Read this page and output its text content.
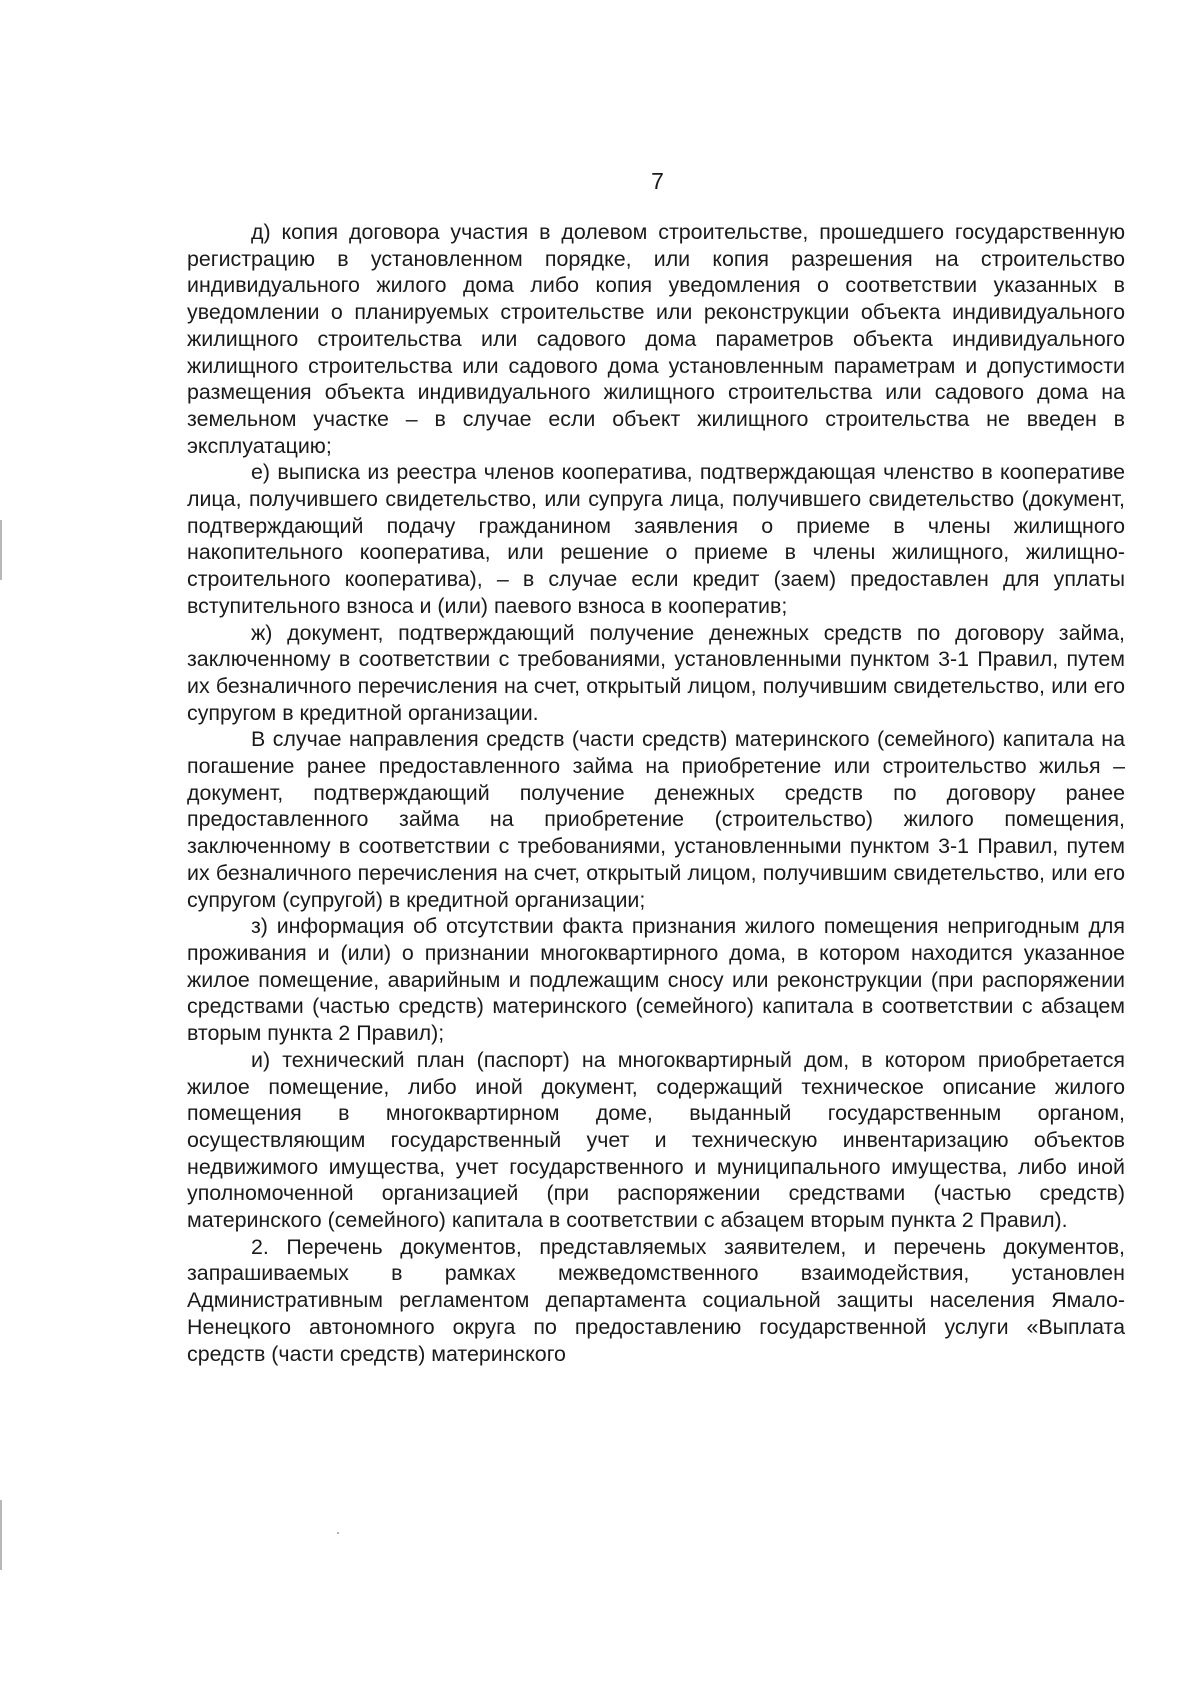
7

д) копия договора участия в долевом строительстве, прошедшего государственную регистрацию в установленном порядке, или копия разрешения на строительство индивидуального жилого дома либо копия уведомления о соответствии указанных в уведомлении о планируемых строительстве или реконструкции объекта индивидуального жилищного строительства или садового дома параметров объекта индивидуального жилищного строительства или садового дома установленным параметрам и допустимости размещения объекта индивидуального жилищного строительства или садового дома на земельном участке – в случае если объект жилищного строительства не введен в эксплуатацию;

е) выписка из реестра членов кооператива, подтверждающая членство в кооперативе лица, получившего свидетельство, или супруга лица, получившего свидетельство (документ, подтверждающий подачу гражданином заявления о приеме в члены жилищного накопительного кооператива, или решение о приеме в члены жилищного, жилищно-строительного кооператива), – в случае если кредит (заем) предоставлен для уплаты вступительного взноса и (или) паевого взноса в кооператив;

ж) документ, подтверждающий получение денежных средств по договору займа, заключенному в соответствии с требованиями, установленными пунктом 3-1 Правил, путем их безналичного перечисления на счет, открытый лицом, получившим свидетельство, или его супругом в кредитной организации.

В случае направления средств (части средств) материнского (семейного) капитала на погашение ранее предоставленного займа на приобретение или строительство жилья – документ, подтверждающий получение денежных средств по договору ранее предоставленного займа на приобретение (строительство) жилого помещения, заключенному в соответствии с требованиями, установленными пунктом 3-1 Правил, путем их безналичного перечисления на счет, открытый лицом, получившим свидетельство, или его супругом (супругой) в кредитной организации;

з) информация об отсутствии факта признания жилого помещения непригодным для проживания и (или) о признании многоквартирного дома, в котором находится указанное жилое помещение, аварийным и подлежащим сносу или реконструкции (при распоряжении средствами (частью средств) материнского (семейного) капитала в соответствии с абзацем вторым пункта 2 Правил);

и) технический план (паспорт) на многоквартирный дом, в котором приобретается жилое помещение, либо иной документ, содержащий техническое описание жилого помещения в многоквартирном доме, выданный государственным органом, осуществляющим государственный учет и техническую инвентаризацию объектов недвижимого имущества, учет государственного и муниципального имущества, либо иной уполномоченной организацией (при распоряжении средствами (частью средств) материнского (семейного) капитала в соответствии с абзацем вторым пункта 2 Правил).

2. Перечень документов, представляемых заявителем, и перечень документов, запрашиваемых в рамках межведомственного взаимодействия, установлен Административным регламентом департамента социальной защиты населения Ямало-Ненецкого автономного округа по предоставлению государственной услуги «Выплата средств (части средств) материнского
